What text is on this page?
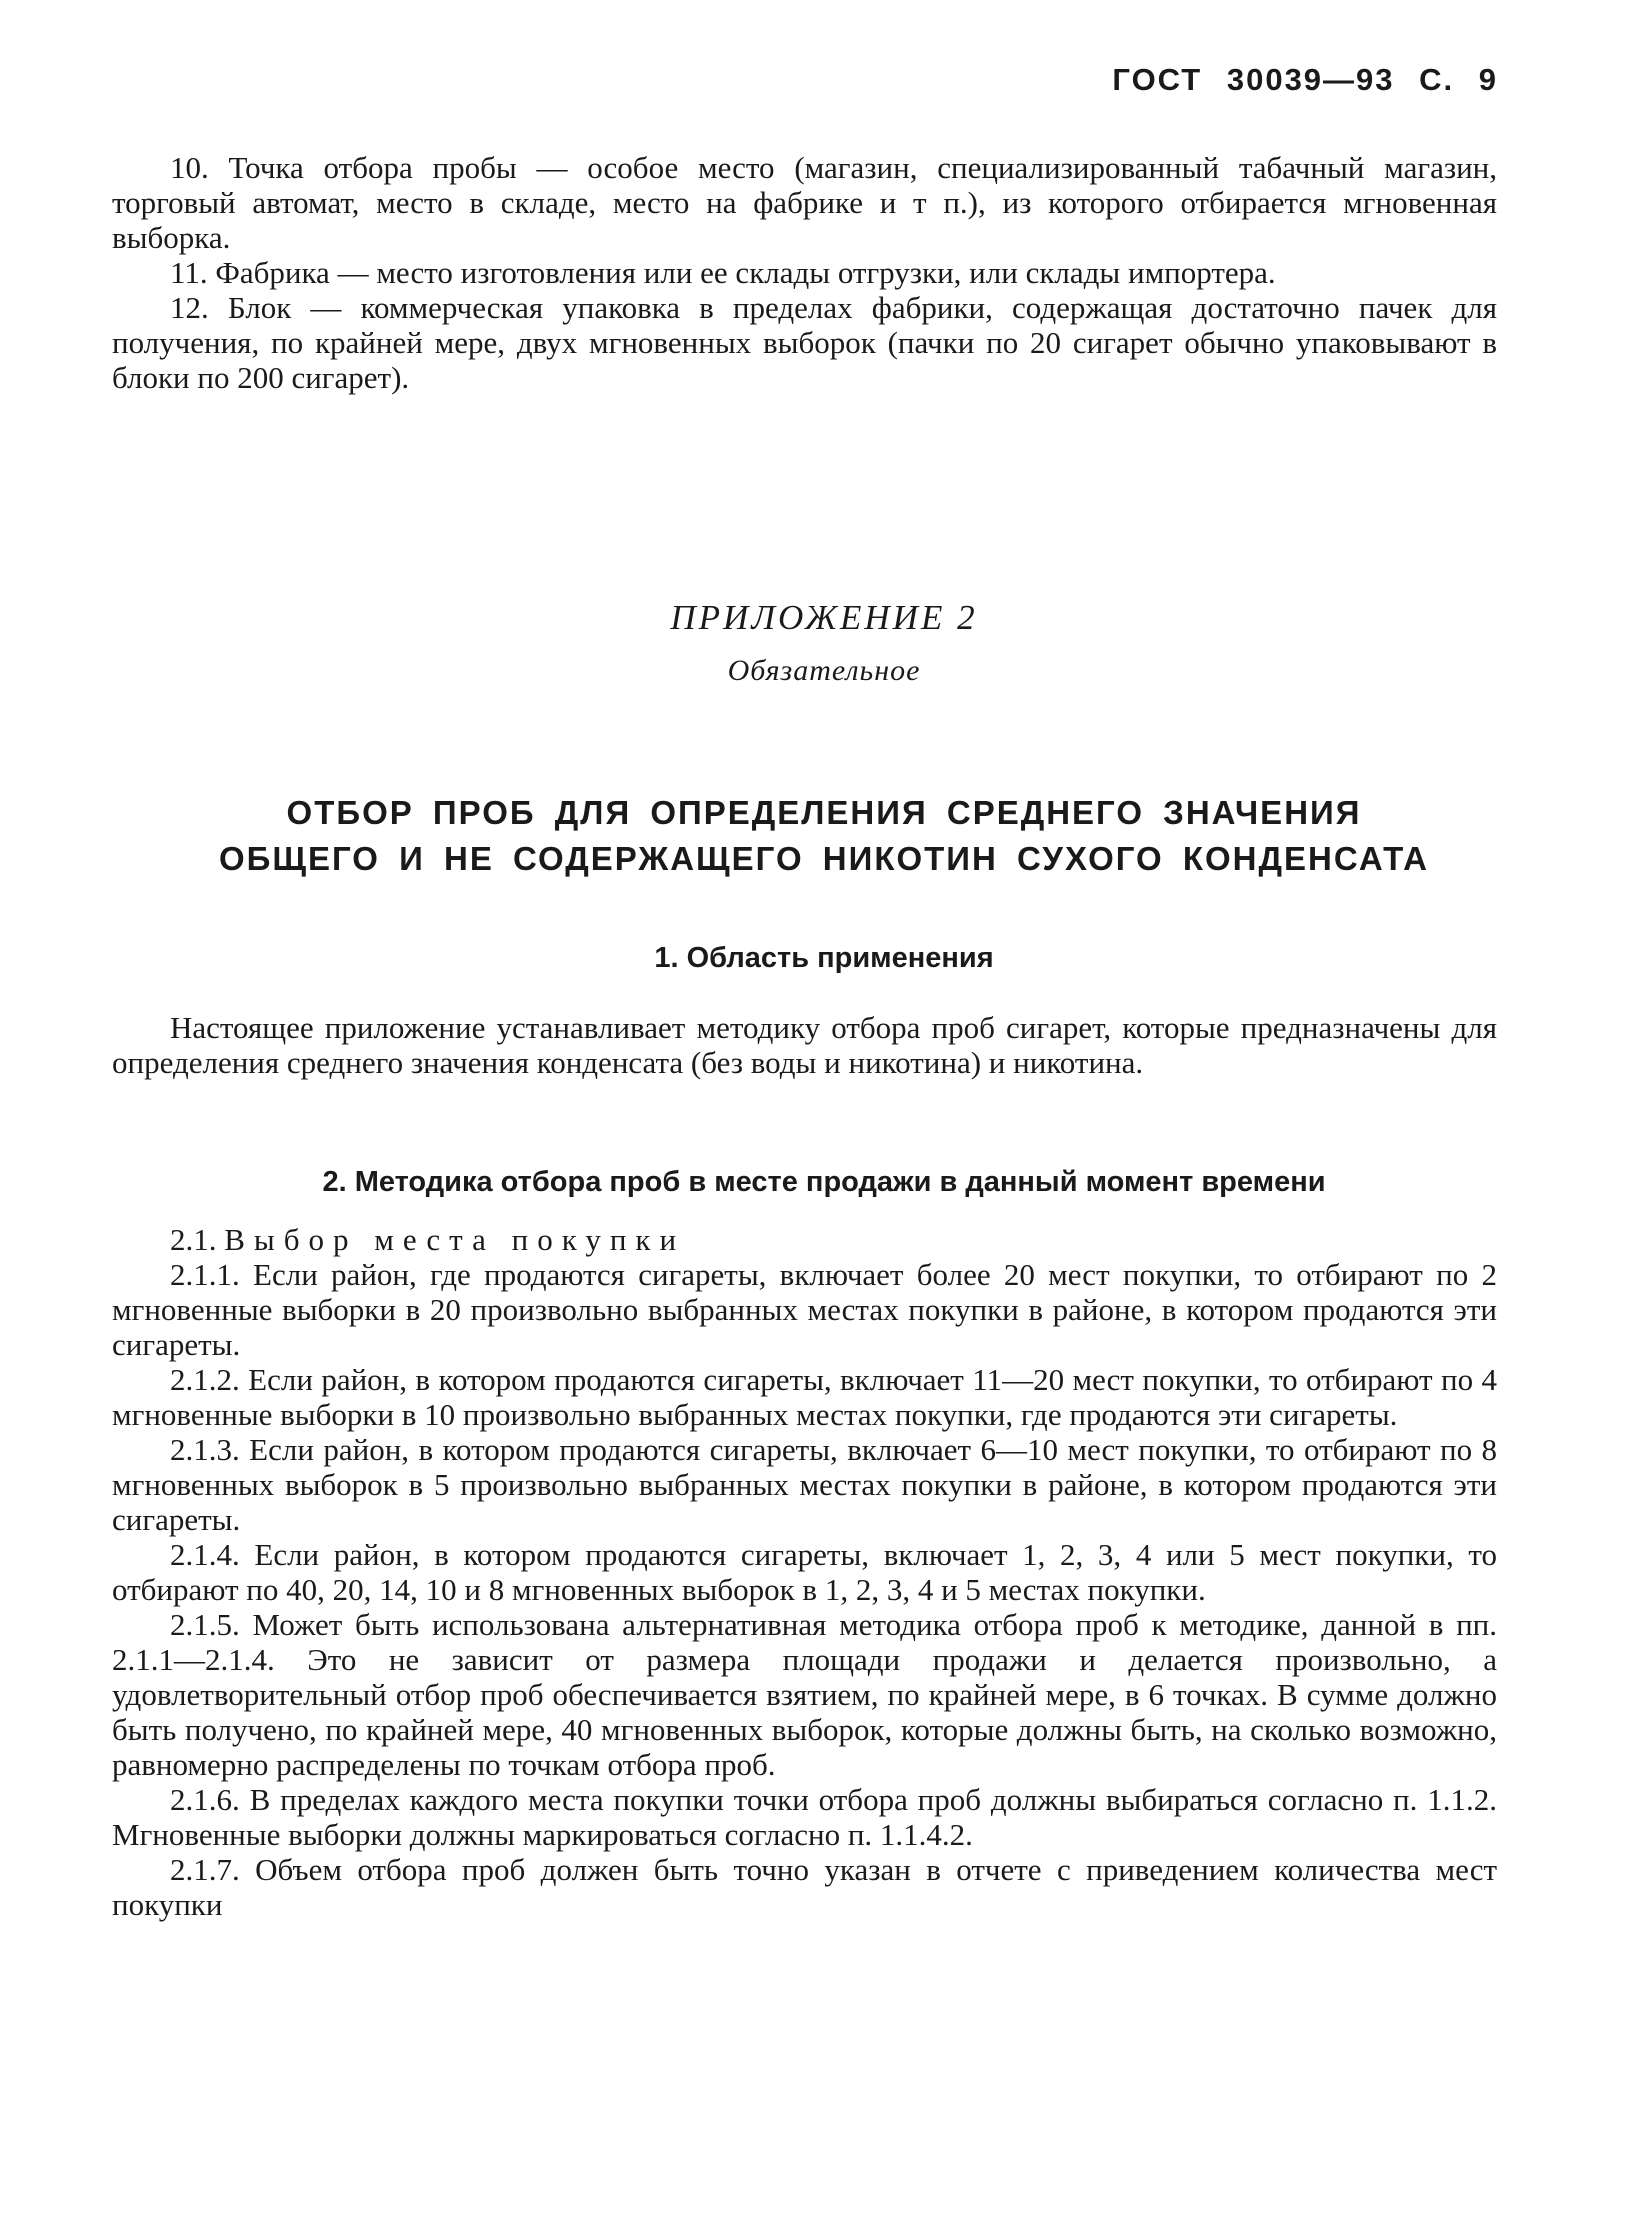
ГОСТ 30039—93 С. 9

10. Точка отбора пробы — особое место (магазин, специализированный табачный магазин, торговый автомат, место в складе, место на фабрике и т п.), из которого отбирается мгновенная выборка.

11. Фабрика — место изготовления или ее склады отгрузки, или склады импортера.

12. Блок — коммерческая упаковка в пределах фабрики, содержащая достаточно пачек для получения, по крайней мере, двух мгновенных выборок (пачки по 20 сигарет обычно упаковывают в блоки по 200 сигарет).

ПРИЛОЖЕНИЕ 2
Обязательное
ОТБОР ПРОБ ДЛЯ ОПРЕДЕЛЕНИЯ СРЕДНЕГО ЗНАЧЕНИЯ
ОБЩЕГО И НЕ СОДЕРЖАЩЕГО НИКОТИН СУХОГО КОНДЕНСАТА
1. Область применения

Настоящее приложение устанавливает методику отбора проб сигарет, которые предназначены для определения среднего значения конденсата (без воды и никотина) и никотина.

2. Методика отбора проб в месте продажи в данный момент времени

2.1. Выбор места покупки

2.1.1. Если район, где продаются сигареты, включает более 20 мест покупки, то отбирают по 2 мгновенные выборки в 20 произвольно выбранных местах покупки в районе, в котором продаются эти сигареты.

2.1.2. Если район, в котором продаются сигареты, включает 11—20 мест покупки, то отбирают по 4 мгновенные выборки в 10 произвольно выбранных местах покупки, где продаются эти сигареты.

2.1.3. Если район, в котором продаются сигареты, включает 6—10 мест покупки, то отбирают по 8 мгновенных выборок в 5 произвольно выбранных местах покупки в районе, в котором продаются эти сигареты.

2.1.4. Если район, в котором продаются сигареты, включает 1, 2, 3, 4 или 5 мест покупки, то отбирают по 40, 20, 14, 10 и 8 мгновенных выборок в 1, 2, 3, 4 и 5 местах покупки.

2.1.5. Может быть использована альтернативная методика отбора проб к методике, данной в пп. 2.1.1—2.1.4. Это не зависит от размера площади продажи и делается произвольно, а удовлетворительный отбор проб обеспечивается взятием, по крайней мере, в 6 точках. В сумме должно быть получено, по крайней мере, 40 мгновенных выборок, которые должны быть, на сколько возможно, равномерно распределены по точкам отбора проб.

2.1.6. В пределах каждого места покупки точки отбора проб должны выбираться согласно п. 1.1.2. Мгновенные выборки должны маркироваться согласно п. 1.1.4.2.

2.1.7. Объем отбора проб должен быть точно указан в отчете с приведением количества мест покупки
